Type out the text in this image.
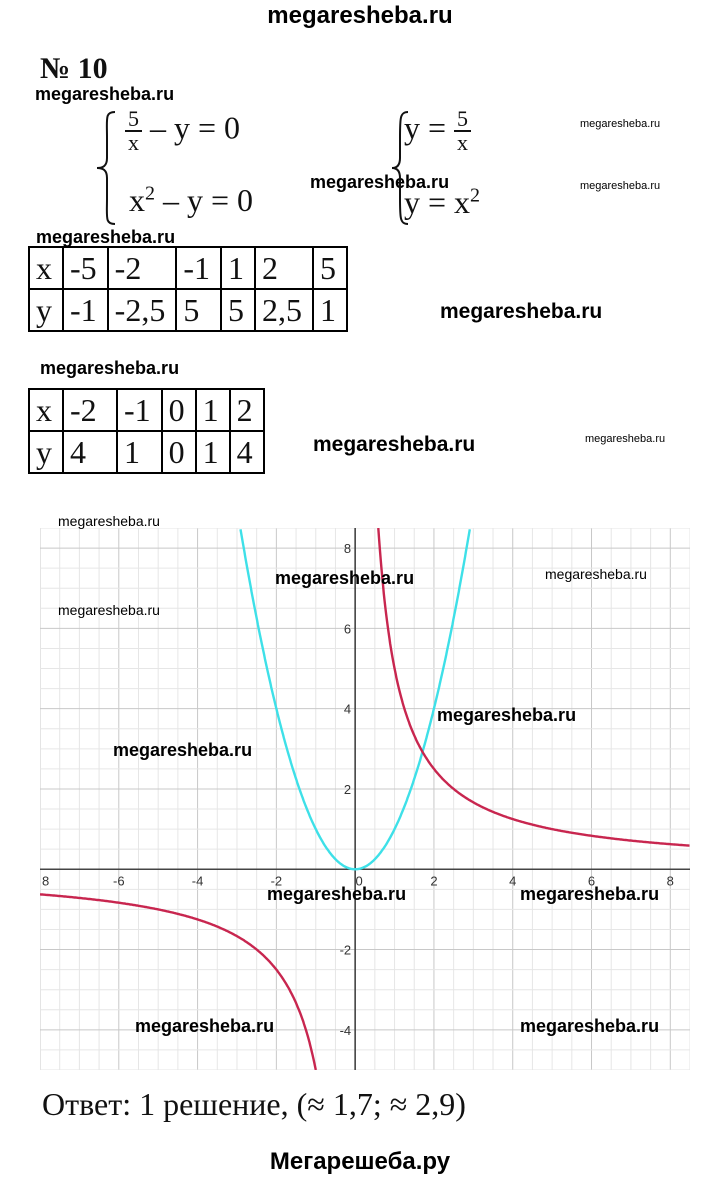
megaresheba.ru
№ 10
megaresheba.ru
megaresheba.ru
megaresheba.ru
megaresheba.ru
megaresheba.ru
megaresheba.ru
megaresheba.ru
megaresheba.ru	megaresheba.ru
$\frac{5}{x} - y = 0$
$x^2 - y = 0$
$y = \frac{5}{x}$
$y = x^2$
x	-5	-2	-1	1	2	5
y	-1	-2,5	5	5	2,5	1
x	-2	-1	0	1	2
y	4	1	0	1	4
-6	-4	-2	0	2	4	6	8
8
8
6
4
2
-2
-4
megaresheba.ru
megaresheba.ru
megaresheba.ru
megaresheba.ru
megaresheba.ru
megaresheba.ru
megaresheba.ru	megaresheba.ru
megaresheba.ru	megaresheba.ru
Ответ: 1 решение, (≈ 1,7; ≈ 2,9)
Мегарешеба.ру
